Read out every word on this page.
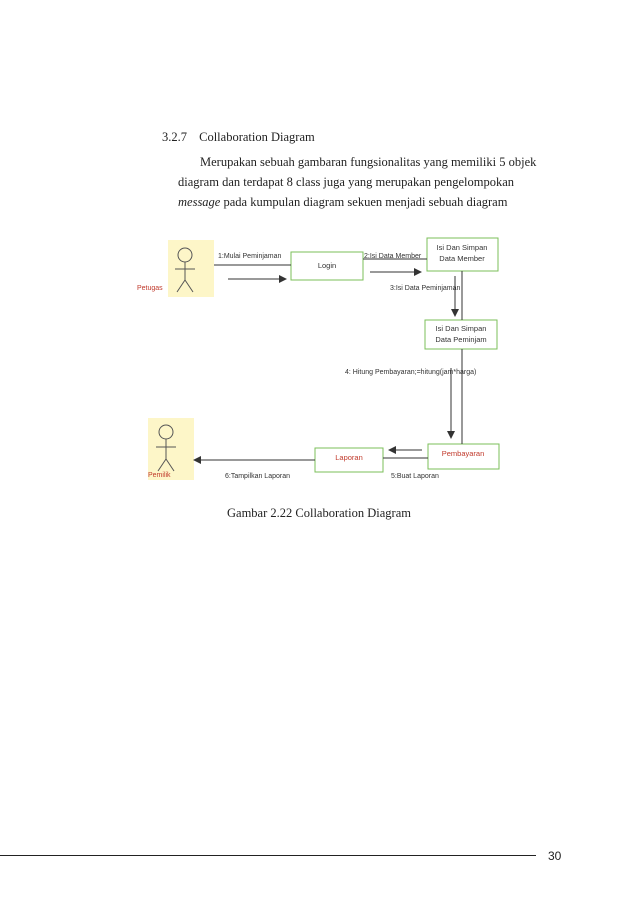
3.2.7 Collaboration Diagram
Merupakan sebuah gambaran fungsionalitas yang memiliki 5 objek
diagram dan terdapat 8 class juga yang merupakan pengelompokan
message pada kumpulan diagram sekuen menjadi sebuah diagram
Petugas
Pemilik
Login
Isi Dan Simpan
Data Member
Isi Dan Simpan
Data Peminjam
Pembayaran
Laporan
1:Mulai Peminjaman	2:Isi Data Member
3:Isi Data Peminjaman
4: Hitung Pembayaran;=hitung(jam*harga)
5:Buat Laporan
6:Tampilkan Laporan
Gambar 2.22 Collaboration Diagram
30
